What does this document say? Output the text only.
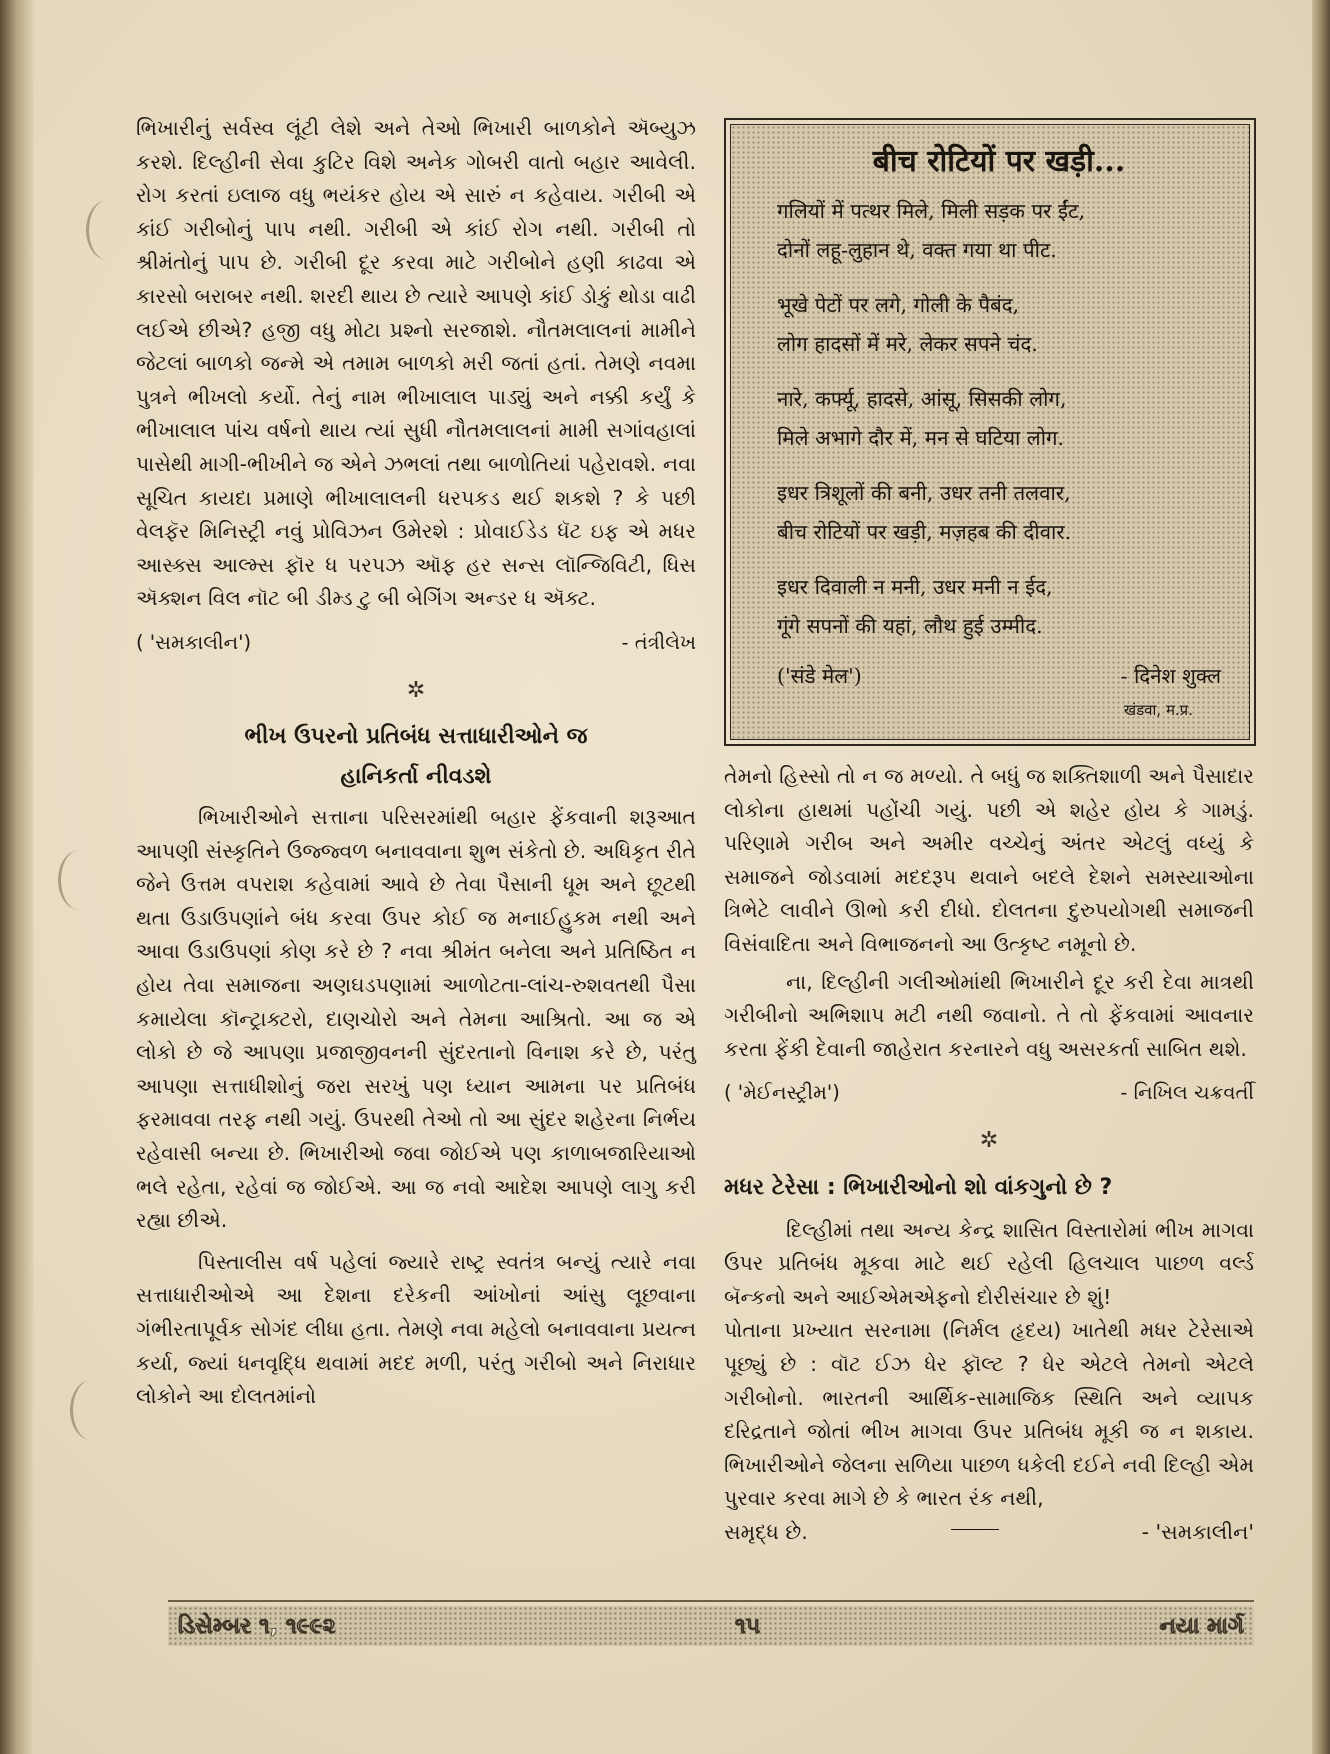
ભિખારીનું સર્વસ્વ લૂંટી લેશે અને તેઓ ભિખારી બાળકોને ઍબ્યુઝ કરશે. દિલ્હીની સેવા કુટિર વિશે અનેક ગોબરી વાતો બહાર આવેલી. રોગ કરતાં ઇલાજ વધુ ભયંકર હોય એ સારું ન કહેવાય. ગરીબી એ કાંઈ ગરીબોનું પાપ નથી. ગરીબી એ કાંઈ રોગ નથી. ગરીબી તો શ્રીમંતોનું પાપ છે. ગરીબી દૂર કરવા માટે ગરીબોને હણી કાઢવા એ કારસો બરાબર નથી. શરદી થાય છે ત્યારે આપણે કાંઈ ડોકું થોડા વાઢી લઈએ છીએ? હજી વધુ મોટા પ્રશ્નો સરજાશે. નૌતમલાલનાં મામીને જેટલાં બાળકો જન્મે એ તમામ બાળકો મરી જતાં હતાં. તેમણે નવમા પુત્રને ભીખલો કર્યો. તેનું નામ ભીખાલાલ પાડ્યું અને નક્કી કર્યું કે ભીખાલાલ પાંચ વર્ષનો થાય ત્યાં સુધી નૌતમલાલનાં મામી સગાંવહાલાં પાસેથી માગી-ભીખીને જ એને ઝભલાં તથા બાળોતિયાં પહેરાવશે. નવા સૂચિત કાયદા પ્રમાણે ભીખાલાલની ધરપકડ થઈ શકશે ? કે પછી વેલફૅર મિનિસ્ટ્રી નવું પ્રોવિઝન ઉમેરશે : પ્રોવાઈડેડ ધૅટ ઇફ એ મધર આસ્ક્સ આલ્મ્સ ફૉર ધ પરપઝ ઑફ હર સન્સ લૉન્જિવિટી, ધિસ ઍક્શન વિલ નૉટ બી ડીમ્ડ ટુ બી બેગિંગ અન્ડર ધ ઍક્ટ.

( 'સમકાલીન')	- તંત્રીલેખ
✲
ભીખ ઉપરનો પ્રતિબંધ સત્તાધારીઓને જ
હાનિકર્તા નીવડશે

ભિખારીઓને સત્તાના પરિસરમાંથી બહાર ફેંકવાની શરૂઆત આપણી સંસ્કૃતિને ઉજ્જ્વળ બનાવવાના શુભ સંકેતો છે. અધિકૃત રીતે જેને ઉત્તમ વપરાશ કહેવામાં આવે છે તેવા પૈસાની ધૂમ અને છૂટથી થતા ઉડાઉપણાંને બંધ કરવા ઉપર કોઈ જ મનાઈહુકમ નથી અને આવા ઉડાઉપણાં કોણ કરે છે ? નવા શ્રીમંત બનેલા અને પ્રતિષ્ઠિત ન હોય તેવા સમાજના અણઘડપણામાં આળોટતા-લાંચ-રુશવતથી પૈસા કમાયેલા કૉન્ટ્રાક્ટરો, દાણચોરો અને તેમના આશ્રિતો. આ જ એ લોકો છે જે આપણા પ્રજાજીવનની સુંદરતાનો વિનાશ કરે છે, પરંતુ આપણા સત્તાધીશોનું જરા સરખું પણ ધ્યાન આમના પર પ્રતિબંધ ફરમાવવા તરફ નથી ગયું. ઉપરથી તેઓ તો આ સુંદર શહેરના નિર્ભય રહેવાસી બન્યા છે. ભિખારીઓ જવા જોઈએ પણ કાળાબજારિયાઓ ભલે રહેતા, રહેવાં જ જોઈએ. આ જ નવો આદેશ આપણે લાગુ કરી રહ્યા છીએ.

પિસ્તાલીસ વર્ષ પહેલાં જ્યારે રાષ્ટ્ર સ્વતંત્ર બન્યું ત્યારે નવા સત્તાધારીઓએ આ દેશના દરેકની આંખોનાં આંસુ લૂછવાના ગંભીરતાપૂર્વક સોગંદ લીધા હતા. તેમણે નવા મહેલો બનાવવાના પ્રયત્ન કર્યા, જ્યાં ધનવૃદ્ધિ થવામાં મદદ મળી, પરંતુ ગરીબો અને નિરાધાર લોકોને આ દોલતમાંનો

बीच रोटियों पर खड़ी...
गलियों में पत्थर मिले, मिली सड़क पर ईंट,
दोनों लहू-लुहान थे, वक्त गया था पीट.
भूखे पेटों पर लगे, गोली के पैबंद,
लोग हादसों में मरे, लेकर सपने चंद.
नारे, कर्फ्यू, हादसे, आंसू, सिसकी लोग,
मिले अभागे दौर में, मन से घटिया लोग.
इधर त्रिशूलों की बनी, उधर तनी तलवार,
बीच रोटियों पर खड़ी, मज़हब की दीवार.
इधर दिवाली न मनी, उधर मनी न ईद,
गूंगे सपनों की यहां, लौथ हुई उम्मीद.
('संडे मेल')	- दिनेश शुक्ल
खंडवा, म.प्र.

તેમનો હિસ્સો તો ન જ મળ્યો. તે બધું જ શક્તિશાળી અને પૈસાદાર લોકોના હાથમાં પહોંચી ગયું. પછી એ શહેર હોય કે ગામડું. પરિણામે ગરીબ અને અમીર વચ્ચેનું અંતર એટલું વધ્યું કે સમાજને જોડવામાં મદદરૂપ થવાને બદલે દેશને સમસ્યાઓના ત્રિભેટે લાવીને ઊભો કરી દીધો. દોલતના દુરુપયોગથી સમાજની વિસંવાદિતા અને વિભાજનનો આ ઉત્કૃષ્ટ નમૂનો છે.

ના, દિલ્હીની ગલીઓમાંથી ભિખારીને દૂર કરી દેવા માત્રથી ગરીબીનો અભિશાપ મટી નથી જવાનો. તે તો ફેંકવામાં આવનાર કરતા ફેંકી દેવાની જાહેરાત કરનારને વધુ અસરકર્તા સાબિત થશે.

( 'મેઈનસ્ટ્રીમ')	- નિખિલ ચક્રવર્તી
✲
મધર ટેરેસા : ભિખારીઓનો શો વાંકગુનો છે ?

દિલ્હીમાં તથા અન્ય કેન્દ્ર શાસિત વિસ્તારોમાં ભીખ માગવા ઉપર પ્રતિબંધ મૂકવા માટે થઈ રહેલી હિલચાલ પાછળ વર્લ્ડ બૅન્કનો અને આઈએમએફનો દોરીસંચાર છે શું!

પોતાના પ્રખ્યાત સરનામા (નિર્મલ હૃદય) ખાતેથી મધર ટેરેસાએ પૂછ્યું છે : વૉટ ઈઝ ધેર ફૉલ્ટ ? ધેર એટલે તેમનો એટલે ગરીબોનો. ભારતની આર્થિક-સામાજિક સ્થિતિ અને વ્યાપક દરિદ્રતાને જોતાં ભીખ માગવા ઉપર પ્રતિબંધ મૂકી જ ન શકાય. ભિખારીઓને જેલના સળિયા પાછળ ધકેલી દઈને નવી દિલ્હી એમ પુરવાર કરવા માગે છે કે ભારત રંક નથી,

સમૃદ્ધ છે.	- 'સમકાલીન'
ડિસેમ્બર ૧, ૧૯૯૨	૧૫	નયા માર્ગ
